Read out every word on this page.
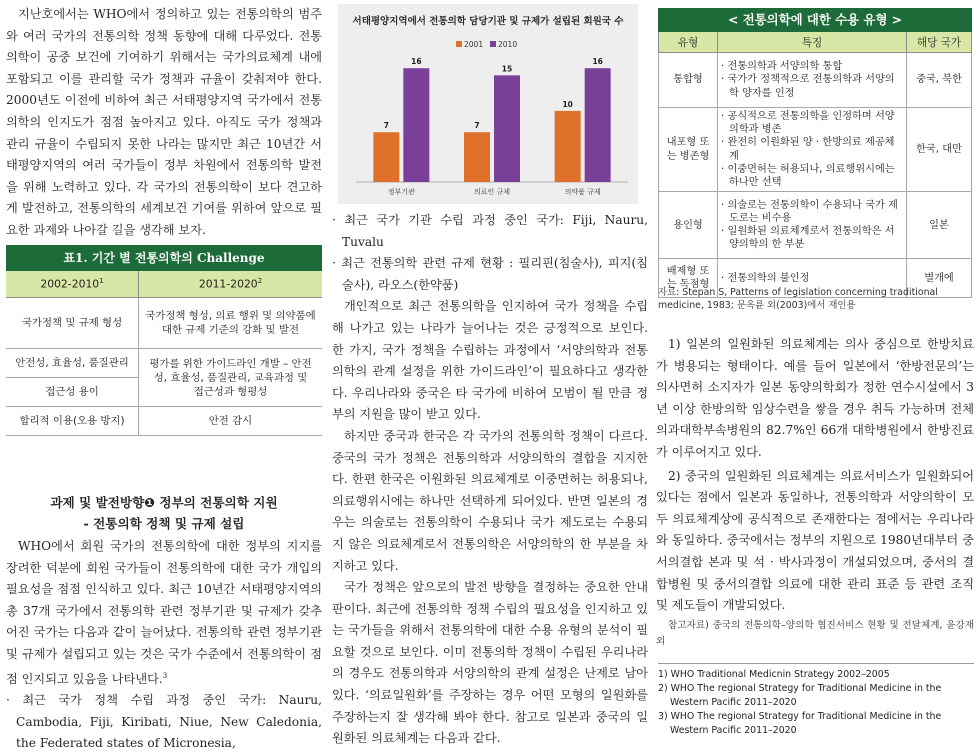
지난호에서는 WHO에서 정의하고 있는 전통의학의 범주와 여러 국가의 전통의학 정책 동향에 대해 다루었다. 전통의학이 공중 보건에 기여하기 위해서는 국가의료체계 내에 포함되고 이를 관리할 국가 정책과 규율이 갖춰져야 한다. 2000년도 이전에 비하여 최근 서태평양지역 국가에서 전통의학의 인지도가 점점 높아지고 있다. 아직도 국가 정책과 관리 규율이 수립되지 못한 나라는 많지만 최근 10년간 서태평양지역의 여러 국가들이 정부 차원에서 전통의학 발전을 위해 노력하고 있다. 각 국가의 전통의학이 보다 견고하게 발전하고, 전통의학의 세계보건 기여를 위하여 앞으로 필요한 과제와 나아갈 길을 생각해 보자.

표1. 기간 별 전통의학의 Challenge
2002-2010$^1$	2011-2020$^2$
국가정책 및 규제 형성	국가정책 형성, 의료 행위 및 의약품에 대한 규제 기준의 강화 및 발전
안전성, 효율성, 품질관리	평가를 위한 가이드라인 개발 – 안전성, 효율성, 품질관리, 교육과정 및 접근성과 형평성
접근성 용이	
합리적 이용(오용 방지)	안전 감시
과제 및 발전방향❶ 정부의 전통의학 지원
- 전통의학 정책 및 규제 설립

WHO에서 회원 국가의 전통의학에 대한 정부의 지지를 장려한 덕분에 회원 국가들이 전통의학에 대한 국가 개입의 필요성을 점점 인식하고 있다. 최근 10년간 서태평양지역의 총 37개 국가에서 전통의학 관련 정부기관 및 규제가 갖추어진 국가는 다음과 같이 늘어났다. 전통의학 관련 정부기관 및 규제가 설립되고 있는 것은 국가 수준에서 전통의학이 점점 인지되고 있음을 나타낸다.$^3$

· 최근 국가 정책 수립 과정 중인 국가: Nauru, Cambodia, Fiji, Kiribati, Niue, New Caledonia, the Federated states of Micronesia,

서태평양지역에서 전통의학 담당기관 및 규제가 설립된 회원국 수
2001 2010
7
16
정부기관
7
15
의료인 규제
10
16
의약품 규제

· 최근 국가 기관 수립 과정 중인 국가: Fiji, Nauru, Tuvalu

· 최근 전통의학 관련 규제 현황 : 필리핀(침술사), 피지(침술사), 라오스(한약품)

개인적으로 최근 전통의학을 인지하여 국가 정책을 수립해 나가고 있는 나라가 늘어나는 것은 긍정적으로 보인다. 한 가지, 국가 정책을 수립하는 과정에서 ‘서양의학과 전통의학의 관계 설정을 위한 가이드라인’이 필요하다고 생각한다. 우리나라와 중국은 타 국가에 비하여 모범이 될 만큼 정부의 지원을 많이 받고 있다.

하지만 중국과 한국은 각 국가의 전통의학 정책이 다르다. 중국의 국가 정책은 전통의학과 서양의학의 결합을 지지한다. 한편 한국은 이원화된 의료체계로 이중면허는 허용되나, 의료행위시에는 하나만 선택하게 되어있다. 반면 일본의 경우는 의술로는 전통의학이 수용되나 국가 제도로는 수용되지 않은 의료체계로서 전통의학은 서양의학의 한 부분을 차지하고 있다.

국가 정책은 앞으로의 발전 방향을 결정하는 중요한 안내판이다. 최근에 전통의학 정책 수립의 필요성을 인지하고 있는 국가들을 위해서 전통의학에 대한 수용 유형의 분석이 필요할 것으로 보인다. 이미 전통의학 정책이 수립된 우리나라의 경우도 전통의학과 서양의학의 관계 설정은 난제로 남아있다. ‘의료일원화’를 주장하는 경우 어떤 모형의 일원화를 주장하는지 잘 생각해 봐야 한다. 참고로 일본과 중국의 일원화된 의료체계는 다음과 같다.

< 전통의학에 대한 수용 유형 >
유형	특징	해당 국가
통합형	· 전통의학과 서양의학 통합
· 국가가 정책적으로 전통의학과 서양의학 양자를 인정	중국, 북한
내포형 또는 병존형	· 공식적으로 전통의학을 인정하며 서양의학과 병존
· 완전히 이원화된 양 · 한방의료 제공체계
· 이중면허는 허용되나, 의료행위시에는 하나만 선택	한국, 대만
용인형	· 의술로는 전통의학이 수용되나 국가 제도로는 비수용
· 일원화된 의료체계로서 전통의학은 서양의학의 한 부분	일본
배제형 또는 독점형	· 전통의학의 불인정	별개에
자료: Stepan S, Patterns of legislation concerning traditional medicine, 1983; 문옥륜 외(2003)에서 재인용

1) 일본의 일원화된 의료체계는 의사 중심으로 한방치료가 병용되는 형태이다. 예를 들어 일본에서 ‘한방전문의’는 의사면허 소지자가 일본 동양의학회가 정한 연수시설에서 3년 이상 한방의학 임상수련을 쌓을 경우 취득 가능하며 전체 의과대학부속병원의 82.7%인 66개 대학병원에서 한방진료가 이루어지고 있다.

2) 중국의 일원화된 의료체계는 의료서비스가 일원화되어 있다는 점에서 일본과 동일하나, 전통의학과 서양의학이 모두 의료체계상에 공식적으로 존재한다는 점에서는 우리나라와 동일하다. 중국에서는 정부의 지원으로 1980년대부터 중서의결합 본과 및 석 · 박사과정이 개설되었으며, 중서의 결합병원 및 중서의결합 의료에 대한 관리 표준 등 관련 조직 및 제도들이 개발되었다.

참고자료) 중국의 전통의학–양의학 협진서비스 현황 및 전달체계, 윤강재 외

1) WHO Traditional Medicnin Strategy 2002–2005
2) WHO The regional Strategy for Traditional Medicine in the Western Pacific 2011–2020
3) WHO The regional Strategy for Traditional Medicine in the Western Pacific 2011–2020
